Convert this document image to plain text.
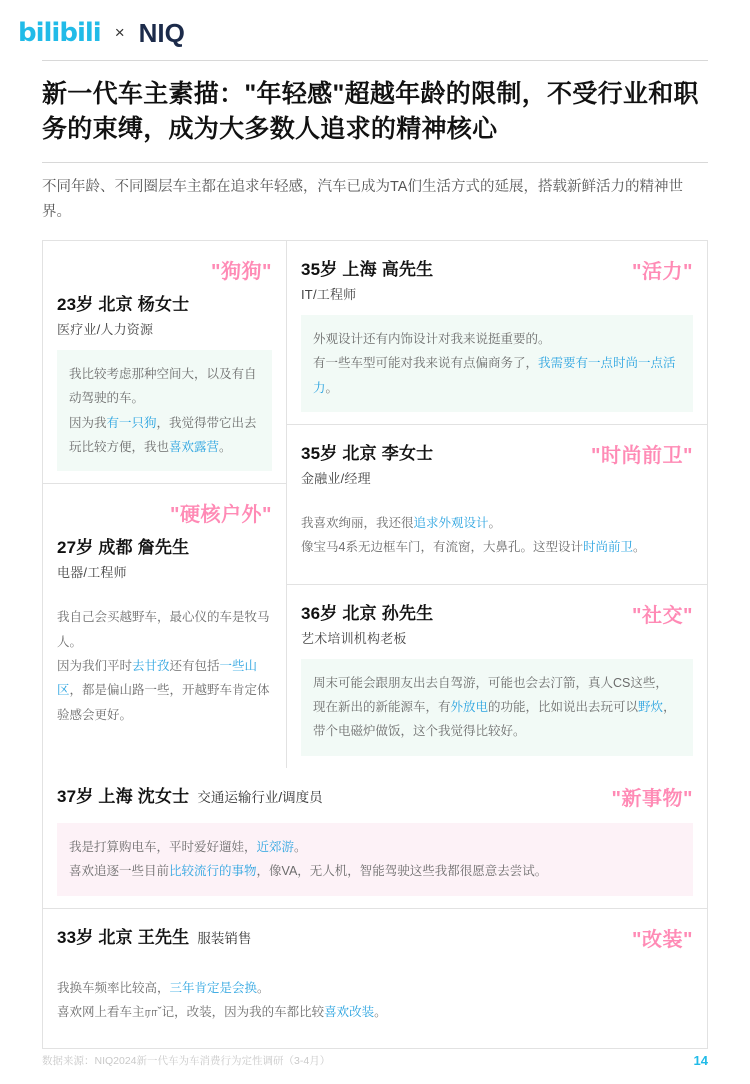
bilibili × NIQ
新一代车主素描："年轻感"超越年龄的限制，不受行业和职务的束缚，成为大多数人追求的精神核心
不同年龄、不同圈层车主都在追求年轻感，汽车已成为TA们生活方式的延展，搭载新鲜活力的精神世界。
"狗狗"
23岁 北京 杨女士
医疗业/人力资源
我比较考虑那种空间大，以及有自动驾驶的车。
因为我有一只狗，我觉得带它出去玩比较方便，我也喜欢露营。
"硬核户外"
27岁 成都 詹先生
电器/工程师
我自己会买越野车，最心仪的车是牧马人。
因为我们平时去甘孜还有包括一些山区，都是偏山路一些，开越野车肯定体验感会更好。
35岁 上海 高先生
IT/工程师
"活力"
外观设计还有内饰设计对我来说挺重要的。
有一些车型可能对我来说有点偏商务了，我需要有一点时尚一点活力。
35岁 北京 李女士
金融业/经理
"时尚前卫"
我喜欢绚丽，我还很追求外观设计。
像宝马4系无边框车门，有流窗，大鼻孔。这型设计时尚前卫。
36岁 北京 孙先生
艺术培训机构老板
"社交"
周末可能会跟朋友出去自驾游，可能也会去汀箭，真人CS这些，
现在新出的新能源车，有外放电的功能，比如说出去玩可以野炊，带个电磁炉做饭，这个我觉得比较好。
37岁 上海 沈女士 交通运输行业/调度员	"新事物"
我是打算购电车，平时爱好遛娃，近郊游。
喜欢追逐一些目前比较流行的事物，像VA，无人机，智能驾驶这些我都很愿意去尝试。
33岁 北京 王先生 服装销售	"改装"
我换车频率比较高，三年肯定是会换。
喜欢网上看车主ராˇ记，改装，因为我的车都比较喜欢改装。
数据来源：NIQ2024新一代车为车消费行为定性调研（3-4月）	14
